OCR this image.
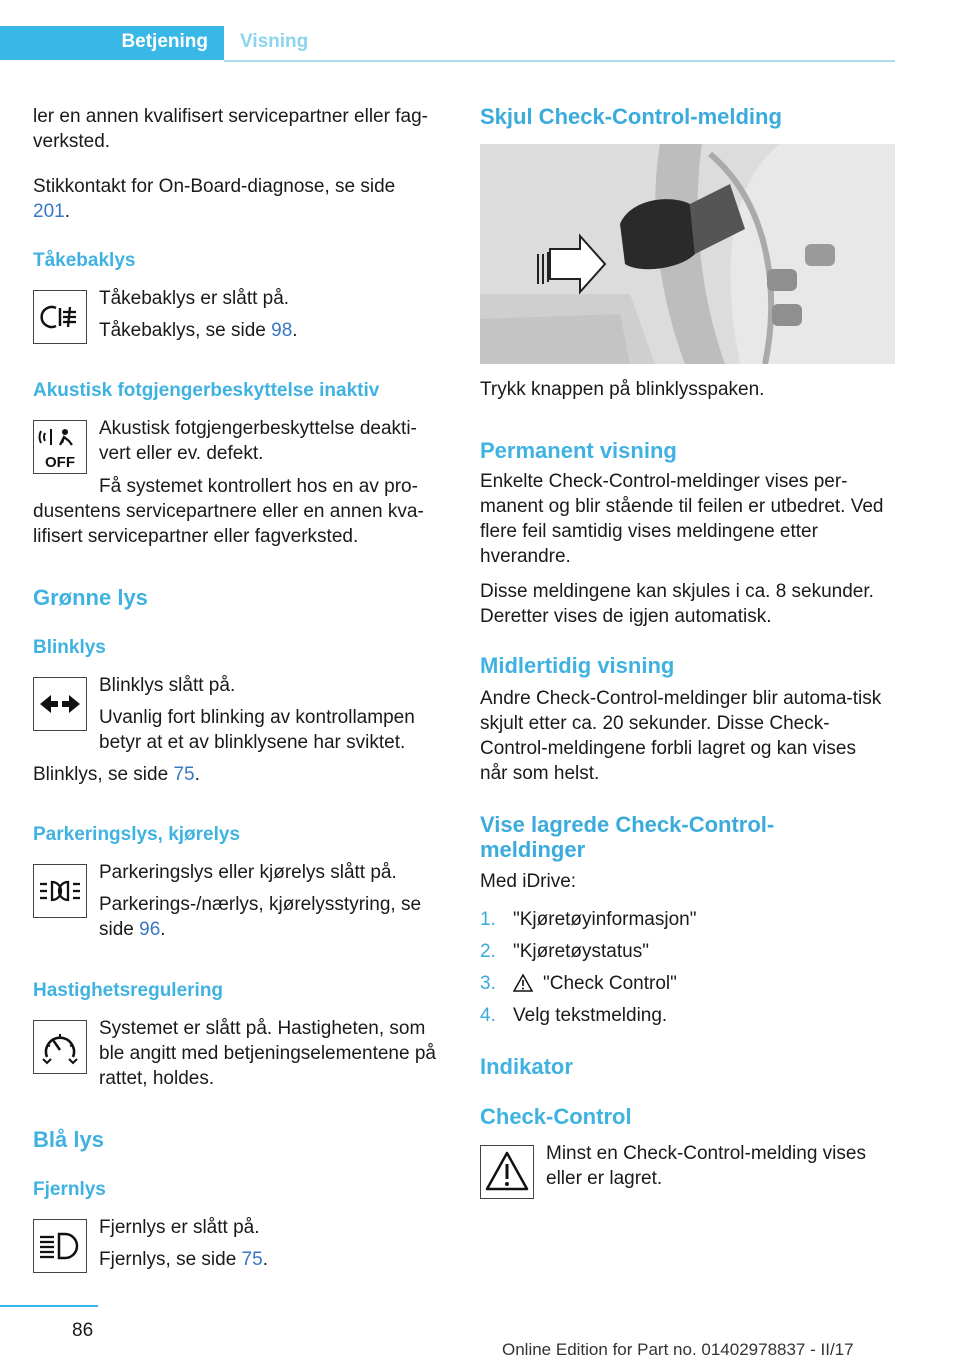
Betjening Visning

ler en annen kvalifisert servicepartner eller fag‐verksted.

Stikkontakt for On-Board-diagnose, se side 201.

Tåkebaklys

Tåkebaklys er slått på.

Tåkebaklys, se side 98.

Akustisk fotgjengerbeskyttelse inaktiv
OFF

Akustisk fotgjengerbeskyttelse deakti‐vert eller ev. defekt.

Få systemet kontrollert hos en av pro‐dusentens servicepartnere eller en annen kva‐lifisert servicepartner eller fagverksted.

Grønne lys
Blinklys

Blinklys slått på.

Uvanlig fort blinking av kontrollampen betyr at et av blinklysene har sviktet.

Blinklys, se side 75.

Parkeringslys, kjørelys

Parkeringslys eller kjørelys slått på.

Parkerings-/nærlys, kjørelysstyring, se side 96.

Hastighetsregulering

Systemet er slått på. Hastigheten, som ble angitt med betjeningselementene på rattet, holdes.

Blå lys
Fjernlys

Fjernlys er slått på.

Fjernlys, se side 75.

Skjul Check-Control-melding

Trykk knappen på blinklysspaken.

Permanent visning

Enkelte Check-Control-meldinger vises per‐manent og blir stående til feilen er utbedret. Ved flere feil samtidig vises meldingene etter hverandre.

Disse meldingene kan skjules i ca. 8 sekunder. Deretter vises de igjen automatisk.

Midlertidig visning

Andre Check-Control-meldinger blir automa‐tisk skjult etter ca. 20 sekunder. Disse Check-Control-meldingene forbli lagret og kan vises når som helst.

Vise lagrede Check-Control-meldinger

Med iDrive:

1. "Kjøretøyinformasjon"
2. "Kjøretøystatus"
3. "Check Control"
4. Velg tekstmelding.
Indikator
Check-Control

Minst en Check-Control-melding vises eller er lagret.

86
Online Edition for Part no. 01402978837 - II/17
